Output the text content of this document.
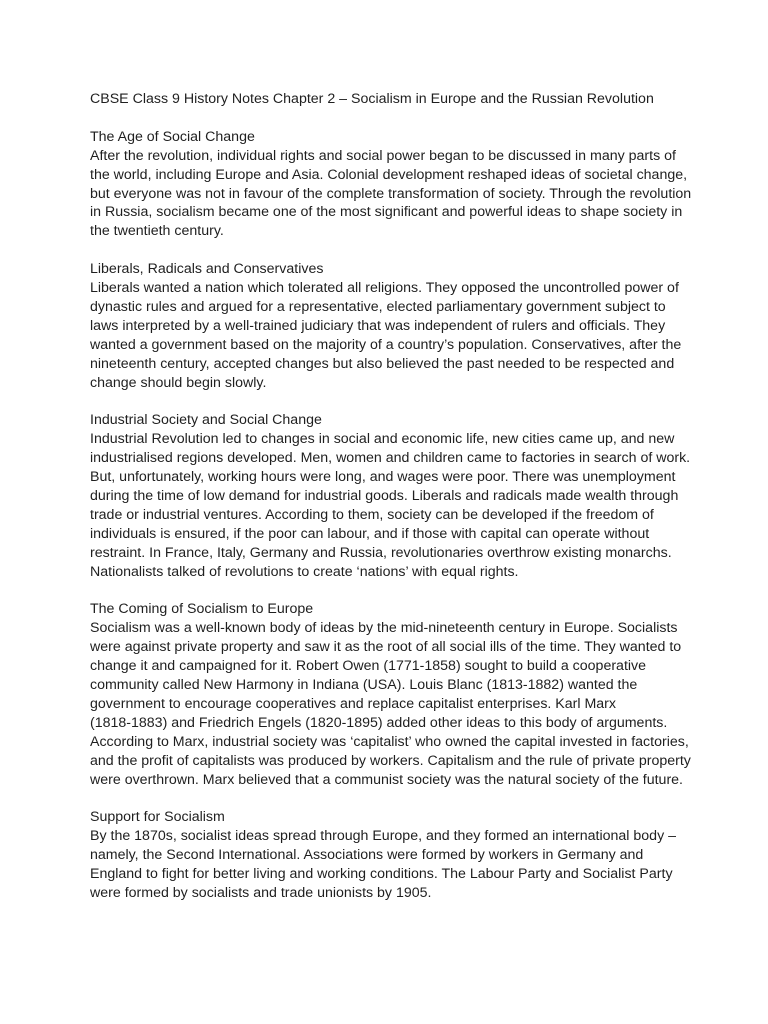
CBSE Class 9 History Notes Chapter 2 – Socialism in Europe and the Russian Revolution
The Age of Social Change

After the revolution, individual rights and social power began to be discussed in many parts of
the world, including Europe and Asia. Colonial development reshaped ideas of societal change,
but everyone was not in favour of the complete transformation of society. Through the revolution
in Russia, socialism became one of the most significant and powerful ideas to shape society in
the twentieth century.

Liberals, Radicals and Conservatives

Liberals wanted a nation which tolerated all religions. They opposed the uncontrolled power of
dynastic rules and argued for a representative, elected parliamentary government subject to
laws interpreted by a well-trained judiciary that was independent of rulers and officials. They
wanted a government based on the majority of a country’s population. Conservatives, after the
nineteenth century, accepted changes but also believed the past needed to be respected and
change should begin slowly.

Industrial Society and Social Change

Industrial Revolution led to changes in social and economic life, new cities came up, and new
industrialised regions developed. Men, women and children came to factories in search of work.
But, unfortunately, working hours were long, and wages were poor. There was unemployment
during the time of low demand for industrial goods. Liberals and radicals made wealth through
trade or industrial ventures. According to them, society can be developed if the freedom of
individuals is ensured, if the poor can labour, and if those with capital can operate without
restraint. In France, Italy, Germany and Russia, revolutionaries overthrow existing monarchs.
Nationalists talked of revolutions to create ‘nations’ with equal rights.

The Coming of Socialism to Europe

Socialism was a well-known body of ideas by the mid-nineteenth century in Europe. Socialists
were against private property and saw it as the root of all social ills of the time. They wanted to
change it and campaigned for it. Robert Owen (1771-1858) sought to build a cooperative
community called New Harmony in Indiana (USA). Louis Blanc (1813-1882) wanted the
government to encourage cooperatives and replace capitalist enterprises. Karl Marx
(1818-1883) and Friedrich Engels (1820-1895) added other ideas to this body of arguments.
According to Marx, industrial society was ‘capitalist’ who owned the capital invested in factories,
and the profit of capitalists was produced by workers. Capitalism and the rule of private property
were overthrown. Marx believed that a communist society was the natural society of the future.

Support for Socialism

By the 1870s, socialist ideas spread through Europe, and they formed an international body –
namely, the Second International. Associations were formed by workers in Germany and
England to fight for better living and working conditions. The Labour Party and Socialist Party
were formed by socialists and trade unionists by 1905.
